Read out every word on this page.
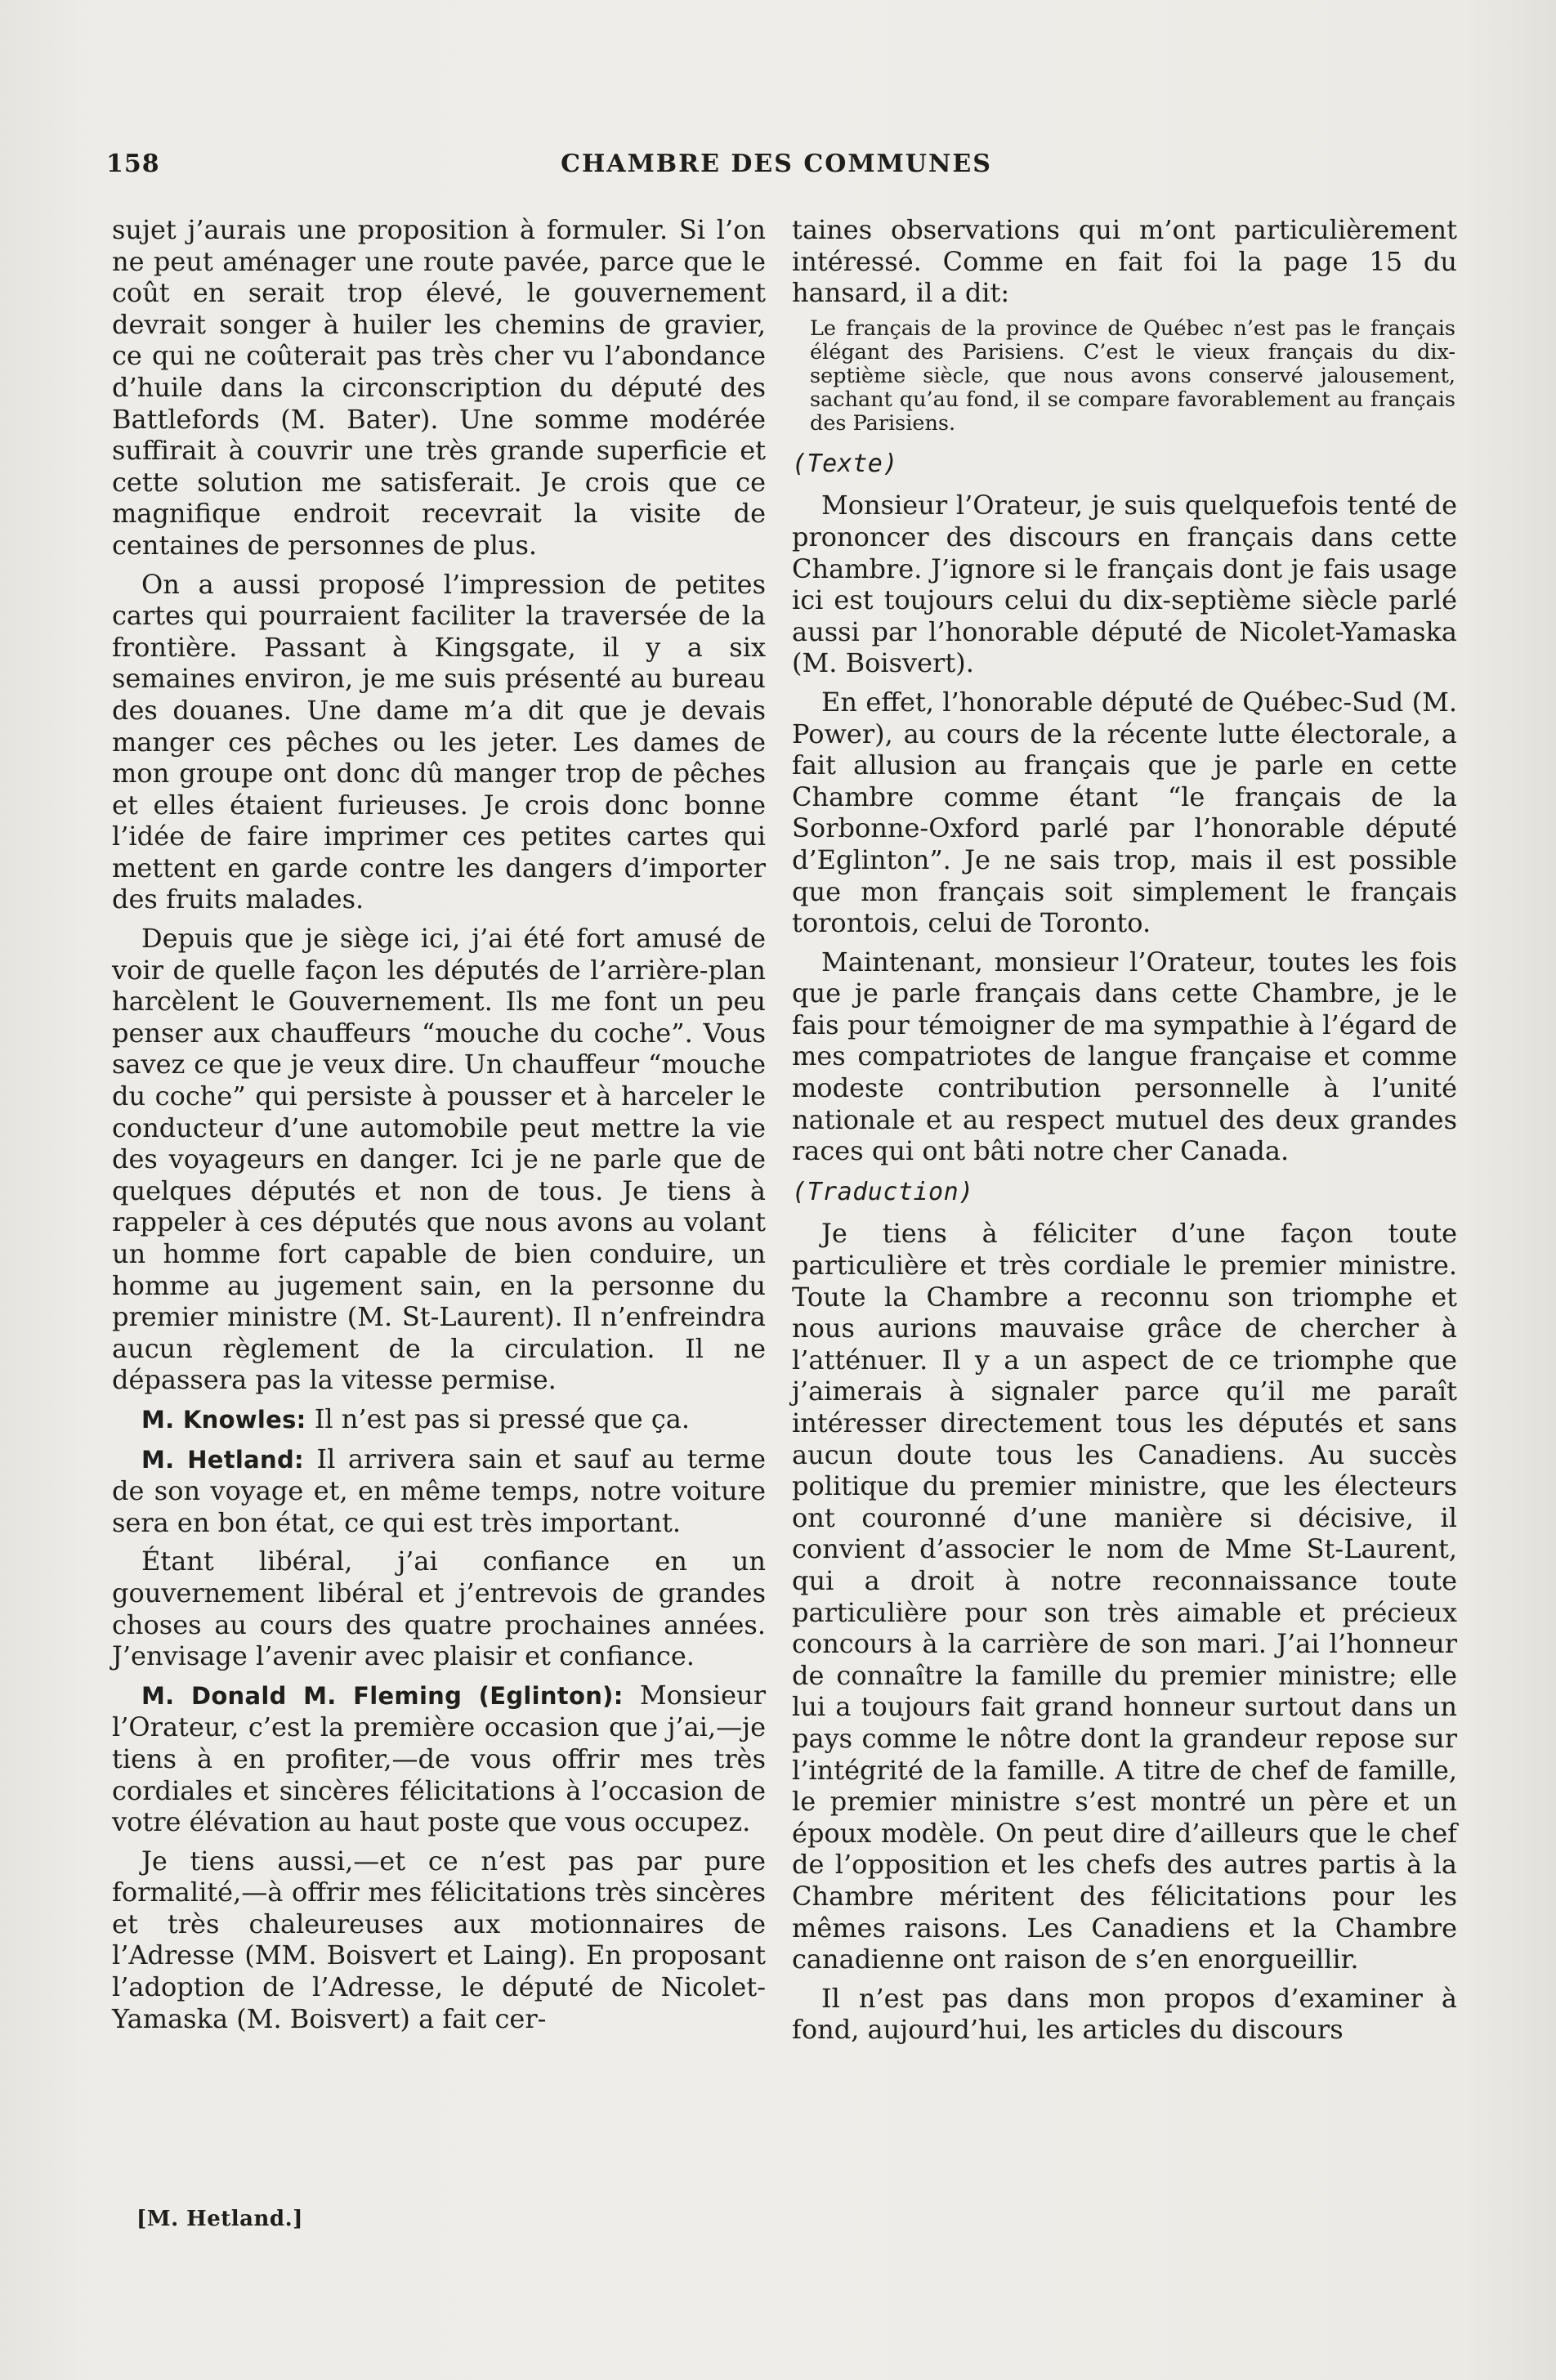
158	CHAMBRE DES COMMUNES

sujet j’aurais une proposition à formuler. Si l’on ne peut aménager une route pavée, parce que le coût en serait trop élevé, le gouvernement devrait songer à huiler les chemins de gravier, ce qui ne coûterait pas très cher vu l’abondance d’huile dans la circonscription du député des Battlefords (M. Bater). Une somme modérée suffirait à couvrir une très grande superficie et cette solution me satisferait. Je crois que ce magnifique endroit recevrait la visite de centaines de personnes de plus.

On a aussi proposé l’impression de petites cartes qui pourraient faciliter la traversée de la frontière. Passant à Kingsgate, il y a six semaines environ, je me suis présenté au bureau des douanes. Une dame m’a dit que je devais manger ces pêches ou les jeter. Les dames de mon groupe ont donc dû manger trop de pêches et elles étaient furieuses. Je crois donc bonne l’idée de faire imprimer ces petites cartes qui mettent en garde contre les dangers d’importer des fruits malades.

Depuis que je siège ici, j’ai été fort amusé de voir de quelle façon les députés de l’arrière-plan harcèlent le Gouvernement. Ils me font un peu penser aux chauffeurs “mouche du coche”. Vous savez ce que je veux dire. Un chauffeur “mouche du coche” qui persiste à pousser et à harceler le conducteur d’une automobile peut mettre la vie des voyageurs en danger. Ici je ne parle que de quelques députés et non de tous. Je tiens à rappeler à ces députés que nous avons au volant un homme fort capable de bien conduire, un homme au jugement sain, en la personne du premier ministre (M. St-Laurent). Il n’enfreindra aucun règlement de la circulation. Il ne dépassera pas la vitesse permise.

M. Knowles: Il n’est pas si pressé que ça.

M. Hetland: Il arrivera sain et sauf au terme de son voyage et, en même temps, notre voiture sera en bon état, ce qui est très important.

Étant libéral, j’ai confiance en un gouvernement libéral et j’entrevois de grandes choses au cours des quatre prochaines années. J’envisage l’avenir avec plaisir et confiance.

M. Donald M. Fleming (Eglinton): Monsieur l’Orateur, c’est la première occasion que j’ai,—je tiens à en profiter,—de vous offrir mes très cordiales et sincères félicitations à l’occasion de votre élévation au haut poste que vous occupez.

Je tiens aussi,—et ce n’est pas par pure formalité,—à offrir mes félicitations très sincères et très chaleureuses aux motionnaires de l’Adresse (MM. Boisvert et Laing). En proposant l’adoption de l’Adresse, le député de Nicolet-Yamaska (M. Boisvert) a fait cer-

taines observations qui m’ont particulièrement intéressé. Comme en fait foi la page 15 du hansard, il a dit:

Le français de la province de Québec n’est pas le français élégant des Parisiens. C’est le vieux français du dix-septième siècle, que nous avons conservé jalousement, sachant qu’au fond, il se compare favorablement au français des Parisiens.

(Texte)

Monsieur l’Orateur, je suis quelquefois tenté de prononcer des discours en français dans cette Chambre. J’ignore si le français dont je fais usage ici est toujours celui du dix-septième siècle parlé aussi par l’honorable député de Nicolet-Yamaska (M. Boisvert).

En effet, l’honorable député de Québec-Sud (M. Power), au cours de la récente lutte électorale, a fait allusion au français que je parle en cette Chambre comme étant “le français de la Sorbonne-Oxford parlé par l’honorable député d’Eglinton”. Je ne sais trop, mais il est possible que mon français soit simplement le français torontois, celui de Toronto.

Maintenant, monsieur l’Orateur, toutes les fois que je parle français dans cette Chambre, je le fais pour témoigner de ma sympathie à l’égard de mes compatriotes de langue française et comme modeste contribution personnelle à l’unité nationale et au respect mutuel des deux grandes races qui ont bâti notre cher Canada.

(Traduction)

Je tiens à féliciter d’une façon toute particulière et très cordiale le premier ministre. Toute la Chambre a reconnu son triomphe et nous aurions mauvaise grâce de chercher à l’atténuer. Il y a un aspect de ce triomphe que j’aimerais à signaler parce qu’il me paraît intéresser directement tous les députés et sans aucun doute tous les Canadiens. Au succès politique du premier ministre, que les électeurs ont couronné d’une manière si décisive, il convient d’associer le nom de Mme St-Laurent, qui a droit à notre reconnaissance toute particulière pour son très aimable et précieux concours à la carrière de son mari. J’ai l’honneur de connaître la famille du premier ministre; elle lui a toujours fait grand honneur surtout dans un pays comme le nôtre dont la grandeur repose sur l’intégrité de la famille. A titre de chef de famille, le premier ministre s’est montré un père et un époux modèle. On peut dire d’ailleurs que le chef de l’opposition et les chefs des autres partis à la Chambre méritent des félicitations pour les mêmes raisons. Les Canadiens et la Chambre canadienne ont raison de s’en enorgueillir.

Il n’est pas dans mon propos d’examiner à fond, aujourd’hui, les articles du discours

[M. Hetland.]
